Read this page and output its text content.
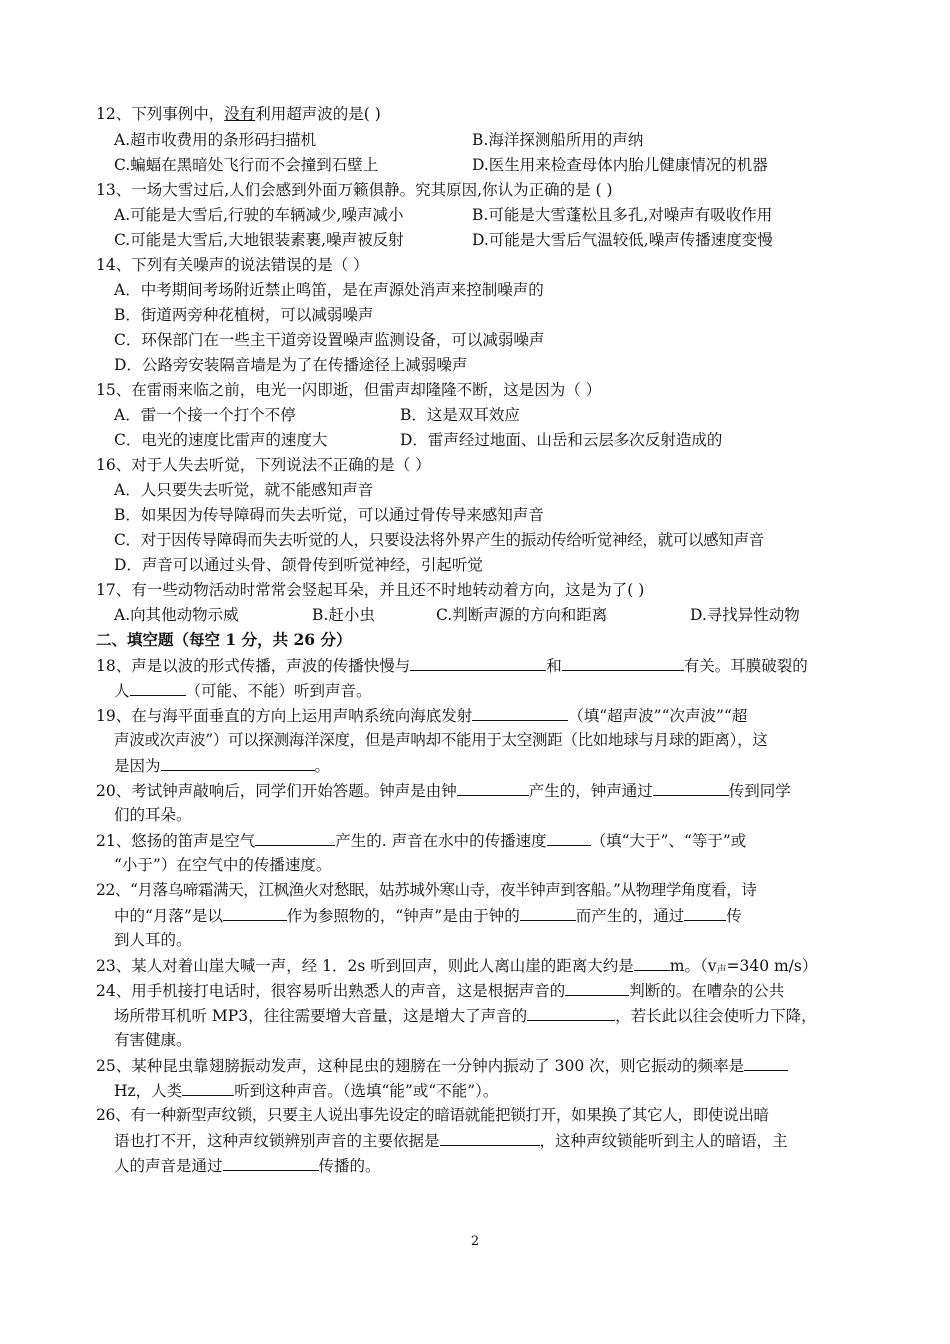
12、下列事例中，没有利用超声波的是( )
A.超市收费用的条形码扫描机	B.海洋探测船所用的声纳
C.蝙蝠在黑暗处飞行而不会撞到石壁上	D.医生用来检查母体内胎儿健康情况的机器
13、一场大雪过后,人们会感到外面万籁俱静。究其原因,你认为正确的是 ( )
A.可能是大雪后,行驶的车辆减少,噪声减小	B.可能是大雪蓬松且多孔,对噪声有吸收作用
C.可能是大雪后,大地银装素裹,噪声被反射	D.可能是大雪后气温较低,噪声传播速度变慢
14、下列有关噪声的说法错误的是（ ）
A．中考期间考场附近禁止鸣笛，是在声源处消声来控制噪声的
B．街道两旁种花植树，可以减弱噪声
C．环保部门在一些主干道旁设置噪声监测设备，可以减弱噪声
D．公路旁安装隔音墙是为了在传播途径上减弱噪声
15、在雷雨来临之前，电光一闪即逝，但雷声却隆隆不断，这是因为（ ）
A．雷一个接一个打个不停	B．这是双耳效应
C．电光的速度比雷声的速度大	D．雷声经过地面、山岳和云层多次反射造成的
16、对于人失去听觉，下列说法不正确的是（ ）
A．人只要失去听觉，就不能感知声音
B．如果因为传导障碍而失去听觉，可以通过骨传导来感知声音
C．对于因传导障碍而失去听觉的人，只要设法将外界产生的振动传给听觉神经，就可以感知声音
D．声音可以通过头骨、颌骨传到听觉神经，引起听觉
17、有一些动物活动时常常会竖起耳朵，并且还不时地转动着方向，这是为了( )
A.向其他动物示威	B.赶小虫	C.判断声源的方向和距离	D.寻找异性动物
二、填空题（每空 1 分，共 26 分）
18、声是以波的形式传播，声波的传播快慢与	和	有关。耳膜破裂的
人	（可能、不能）听到声音。
19、在与海平面垂直的方向上运用声呐系统向海底发射	（填“超声波”“次声波”“超
声波或次声波”）可以探测海洋深度，但是声呐却不能用于太空测距（比如地球与月球的距离），这
是因为	。
20、考试钟声敲响后，同学们开始答题。钟声是由钟	产生的，钟声通过	传到同学
们的耳朵。
21、悠扬的笛声是空气	产生的. 声音在水中的传播速度	（填“大于”、“等于”或
“小于”）在空气中的传播速度。
22、“月落乌啼霜满天，江枫渔火对愁眠，姑苏城外寒山寺，夜半钟声到客船。”从物理学角度看，诗
中的“月落”是以	作为参照物的，“钟声”是由于钟的	而产生的，通过	传
到人耳的。
23、某人对着山崖大喊一声，经 1．2s 听到回声，则此人离山崖的距离大约是 m。（$v_声=340$ m/s）
24、用手机接打电话时，很容易听出熟悉人的声音，这是根据声音的	判断的。在嘈杂的公共
场所带耳机听 MP3，往往需要增大音量，这是增大了声音的	，若长此以往会使听力下降，
有害健康。
25、某种昆虫靠翅膀振动发声，这种昆虫的翅膀在一分钟内振动了 300 次，则它振动的频率是
Hz，人类	听到这种声音。（选填“能”或“不能”）。
26、有一种新型声纹锁，只要主人说出事先设定的暗语就能把锁打开，如果换了其它人，即使说出暗
语也打不开，这种声纹锁辨别声音的主要依据是	，这种声纹锁能听到主人的暗语，主
人的声音是通过	传播的。
2
